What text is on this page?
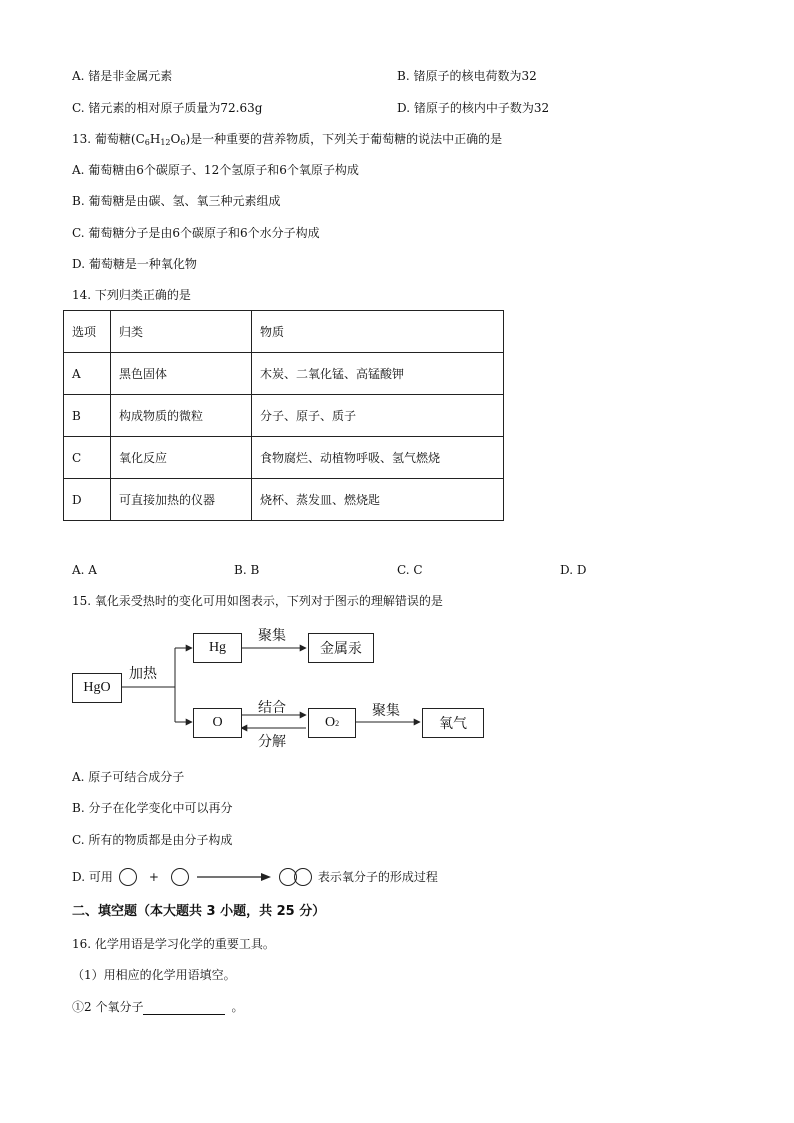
A. 锗是非金属元素	B. 锗原子的核电荷数为32
C. 锗元素的相对原子质量为72.63g	D. 锗原子的核内中子数为32
13. 葡萄糖$(C_6H_{12}O_6)$是一种重要的营养物质，下列关于葡萄糖的说法中正确的是
A. 葡萄糖由6个碳原子、12个氢原子和6个氧原子构成
B. 葡萄糖是由碳、氢、氧三种元素组成
C. 葡萄糖分子是由6个碳原子和6个水分子构成
D. 葡萄糖是一种氧化物
14. 下列归类正确的是
选项	归类	物质
A	黑色固体	木炭、二氧化锰、高锰酸钾
B	构成物质的微粒	分子、原子、质子
C	氧化反应	食物腐烂、动植物呼吸、氢气燃烧
D	可直接加热的仪器	烧杯、蒸发皿、燃烧匙
A. A	B. B	C. C	D. D
15. 氧化汞受热时的变化可用如图表示，下列对于图示的理解错误的是
HgO
加热
Hg
聚集
金属汞
O
结合
分解
O 2
聚集
氧气
A. 原子可结合成分子
B. 分子在化学变化中可以再分
C. 所有的物质都是由分子构成
D. 可用	+	表示氧分子的形成过程
二、填空题（本大题共 3 小题，共 25 分）
16. 化学用语是学习化学的重要工具。
（1）用相应的化学用语填空。
①2 个氧分子	。
